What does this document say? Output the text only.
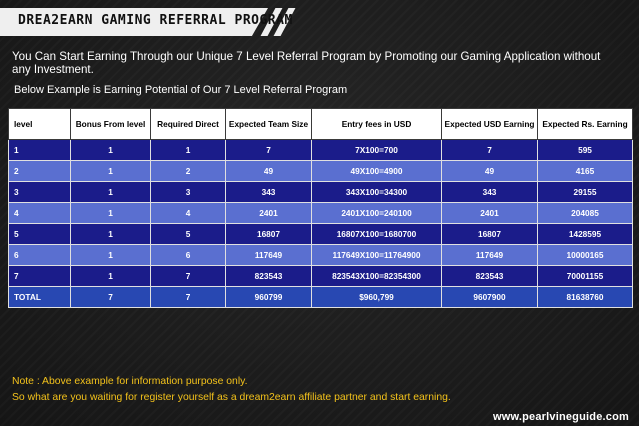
DREA2EARN GAMING REFERRAL PROGRAM
You Can Start Earning Through our Unique 7 Level Referral Program by Promoting our Gaming Application without any Investment.
Below Example is Earning Potential of Our 7 Level Referral Program
level	Bonus From level	Required Direct	Expected Team Size	Entry fees in USD	Expected USD Earning	Expected Rs. Earning
1	1	1	7	7X100=700	7	595
2	1	2	49	49X100=4900	49	4165
3	1	3	343	343X100=34300	343	29155
4	1	4	2401	2401X100=240100	2401	204085
5	1	5	16807	16807X100=1680700	16807	1428595
6	1	6	117649	117649X100=11764900	117649	10000165
7	1	7	823543	823543X100=82354300	823543	70001155
TOTAL	7	7	960799	$960,799	9607900	81638760
Note : Above example for information purpose only.
So what are you waiting for register yourself as a dream2earn affiliate partner and start earning.
www.pearlvineguide.com
